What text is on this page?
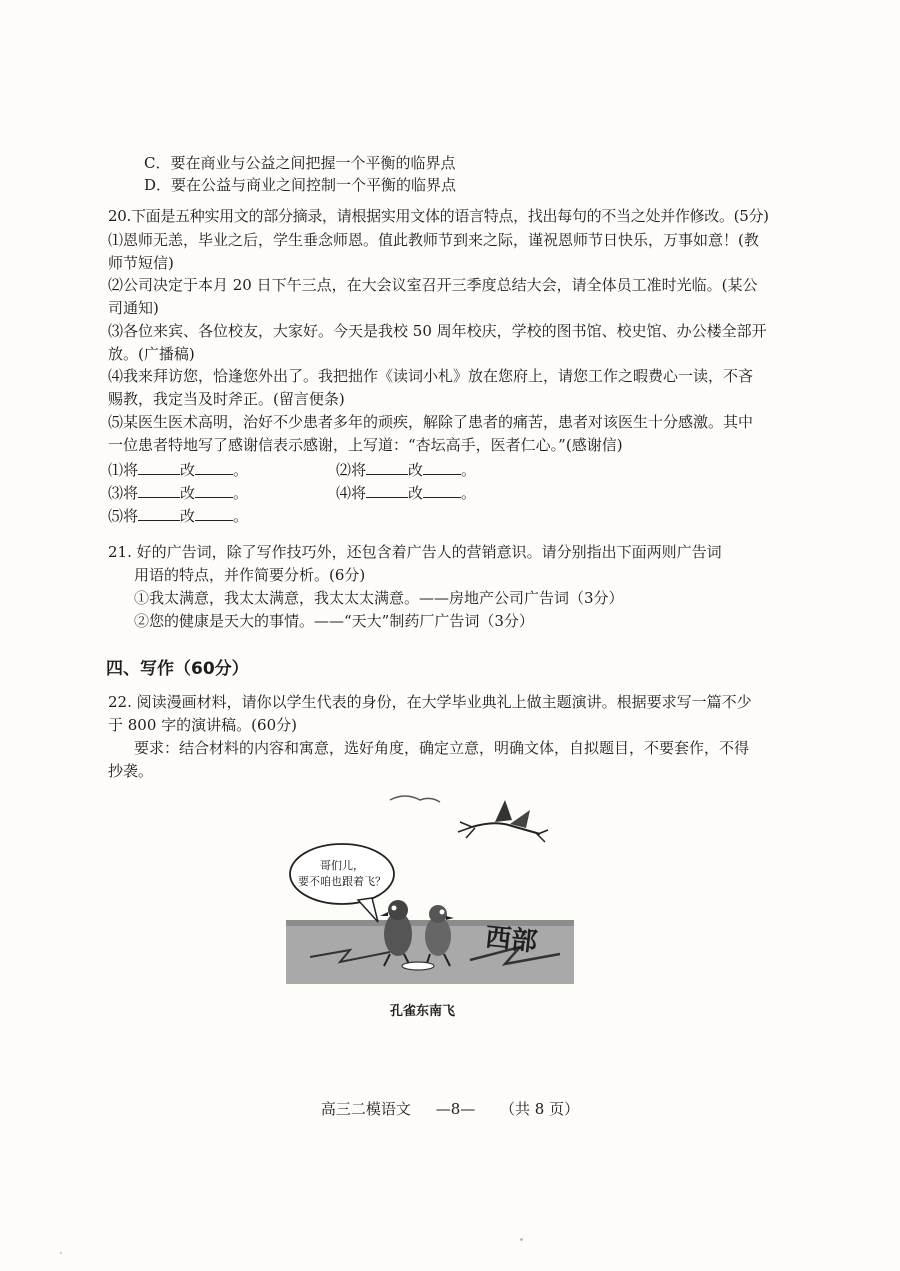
C．要在商业与公益之间把握一个平衡的临界点
D．要在公益与商业之间控制一个平衡的临界点
20.下面是五种实用文的部分摘录，请根据实用文体的语言特点，找出每句的不当之处并作修改。(5分)
⑴恩师无恙，毕业之后，学生垂念师恩。值此教师节到来之际，谨祝恩师节日快乐，万事如意！(教
师节短信)
⑵公司决定于本月 20 日下午三点，在大会议室召开三季度总结大会，请全体员工准时光临。(某公
司通知)
⑶各位来宾、各位校友，大家好。今天是我校 50 周年校庆，学校的图书馆、校史馆、办公楼全部开
放。(广播稿)
⑷我来拜访您，恰逢您外出了。我把拙作《读词小札》放在您府上，请您工作之暇费心一读，不吝
赐教，我定当及时斧正。(留言便条)
⑸某医生医术高明，治好不少患者多年的顽疾，解除了患者的痛苦，患者对该医生十分感激。其中
一位患者特地写了感谢信表示感谢，上写道：“杏坛高手，医者仁心。”(感谢信)
⑴将	改	。	⑵将	改	。
⑶将	改	。	⑷将	改	。
⑸将	改	。
21. 好的广告词，除了写作技巧外，还包含着广告人的营销意识。请分别指出下面两则广告词
用语的特点，并作简要分析。(6分)
①我太满意，我太太满意，我太太太满意。——房地产公司广告词（3分）
②您的健康是天大的事情。——“天大”制药厂广告词（3分）
四、写作（60分）
22. 阅读漫画材料，请你以学生代表的身份，在大学毕业典礼上做主题演讲。根据要求写一篇不少
于 800 字的演讲稿。(60分)
要求：结合材料的内容和寓意，选好角度，确定立意，明确文体，自拟题目，不要套作，不得
抄袭。
哥们儿，
要不咱也跟着飞？
西部
孔雀东南飞
高三二模语文 —8— （共 8 页）
